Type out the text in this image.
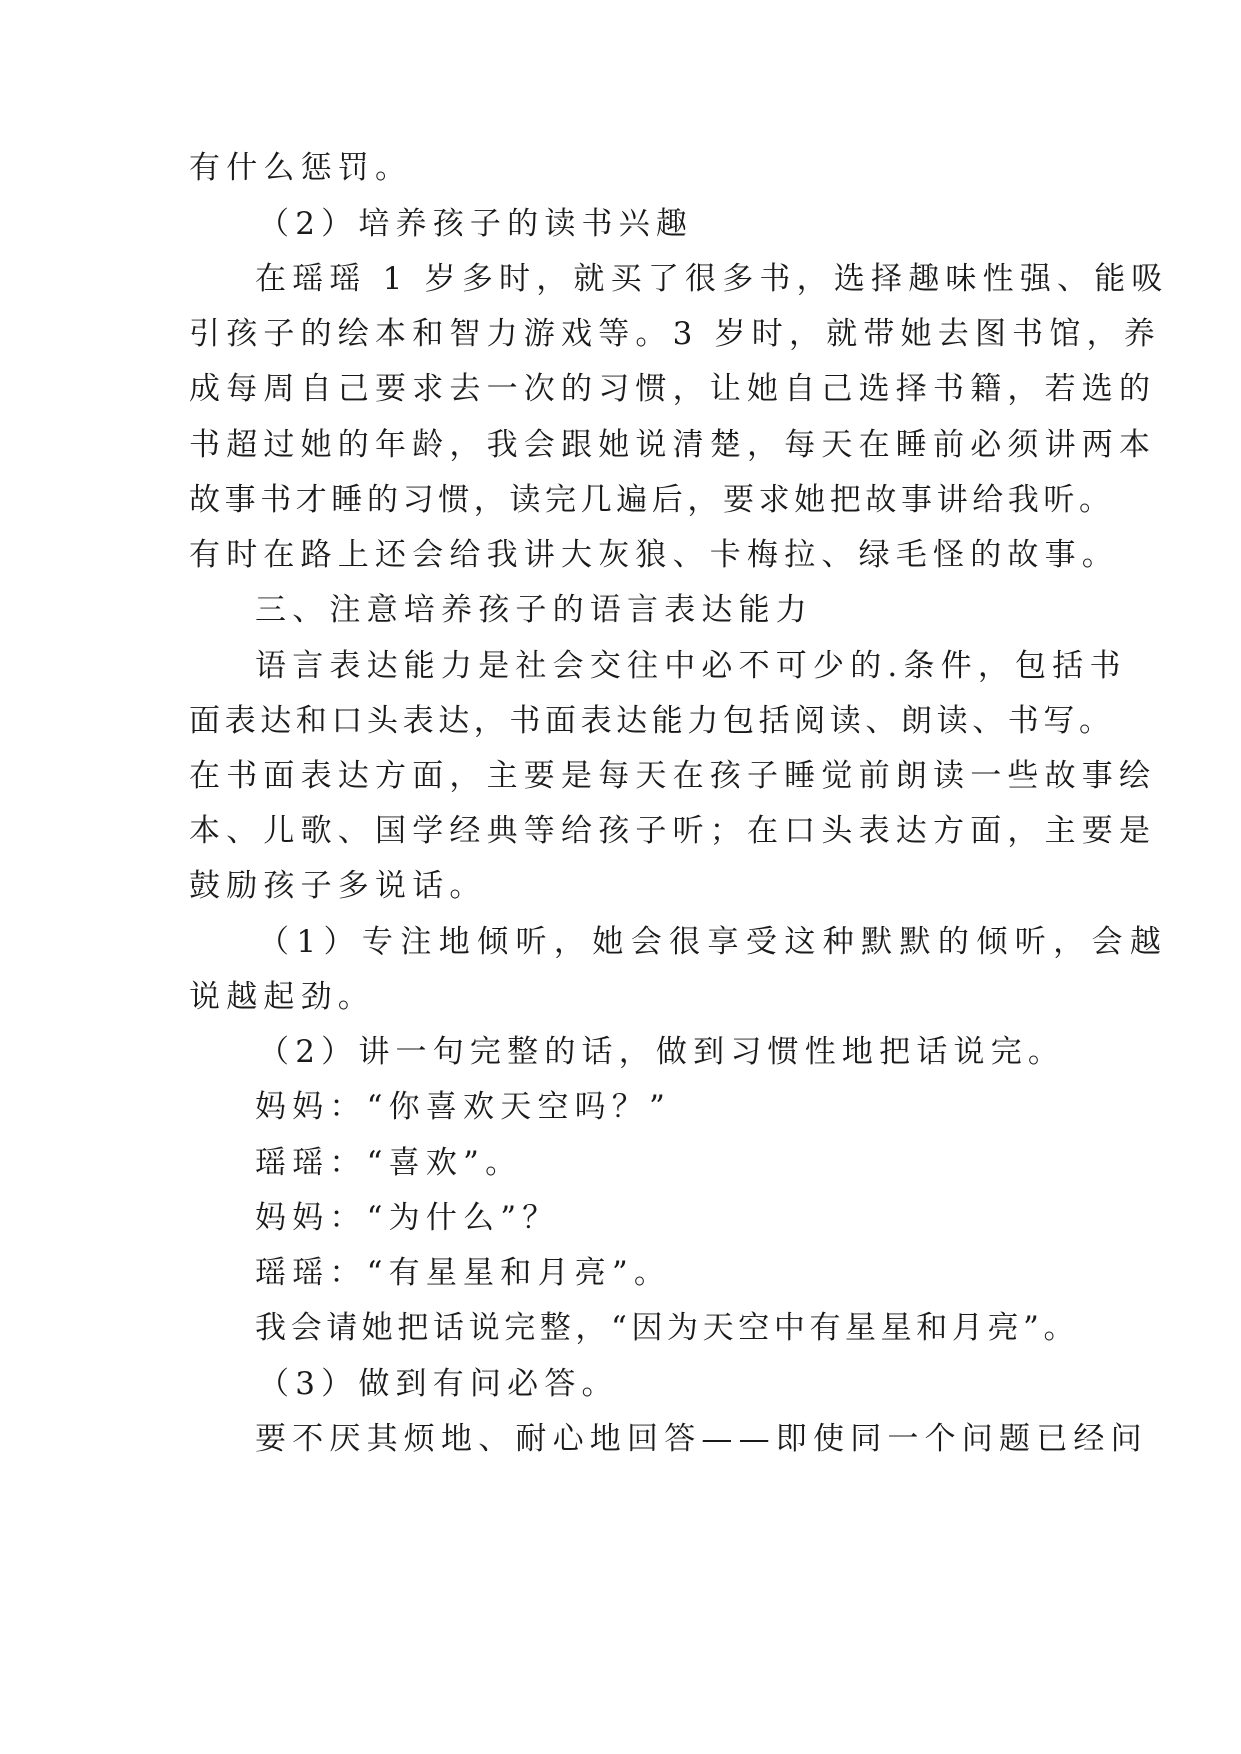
有什么惩罚。
（2）培养孩子的读书兴趣
在瑶瑶 1 岁多时，就买了很多书，选择趣味性强、能吸
引孩子的绘本和智力游戏等。3 岁时，就带她去图书馆，养
成每周自己要求去一次的习惯，让她自己选择书籍，若选的
书超过她的年龄，我会跟她说清楚，每天在睡前必须讲两本
故事书才睡的习惯，读完几遍后，要求她把故事讲给我听。
有时在路上还会给我讲大灰狼、卡梅拉、绿毛怪的故事。
三、注意培养孩子的语言表达能力
语言表达能力是社会交往中必不可少的.条件，包括书
面表达和口头表达，书面表达能力包括阅读、朗读、书写。
在书面表达方面，主要是每天在孩子睡觉前朗读一些故事绘
本、儿歌、国学经典等给孩子听；在口头表达方面，主要是
鼓励孩子多说话。
（1）专注地倾听，她会很享受这种默默的倾听，会越
说越起劲。
（2）讲一句完整的话，做到习惯性地把话说完。
妈妈：“你喜欢天空吗？”
瑶瑶：“喜欢”。
妈妈：“为什么”？
瑶瑶：“有星星和月亮”。
我会请她把话说完整，“因为天空中有星星和月亮”。
（3）做到有问必答。
要不厌其烦地、耐心地回答——即使同一个问题已经问
